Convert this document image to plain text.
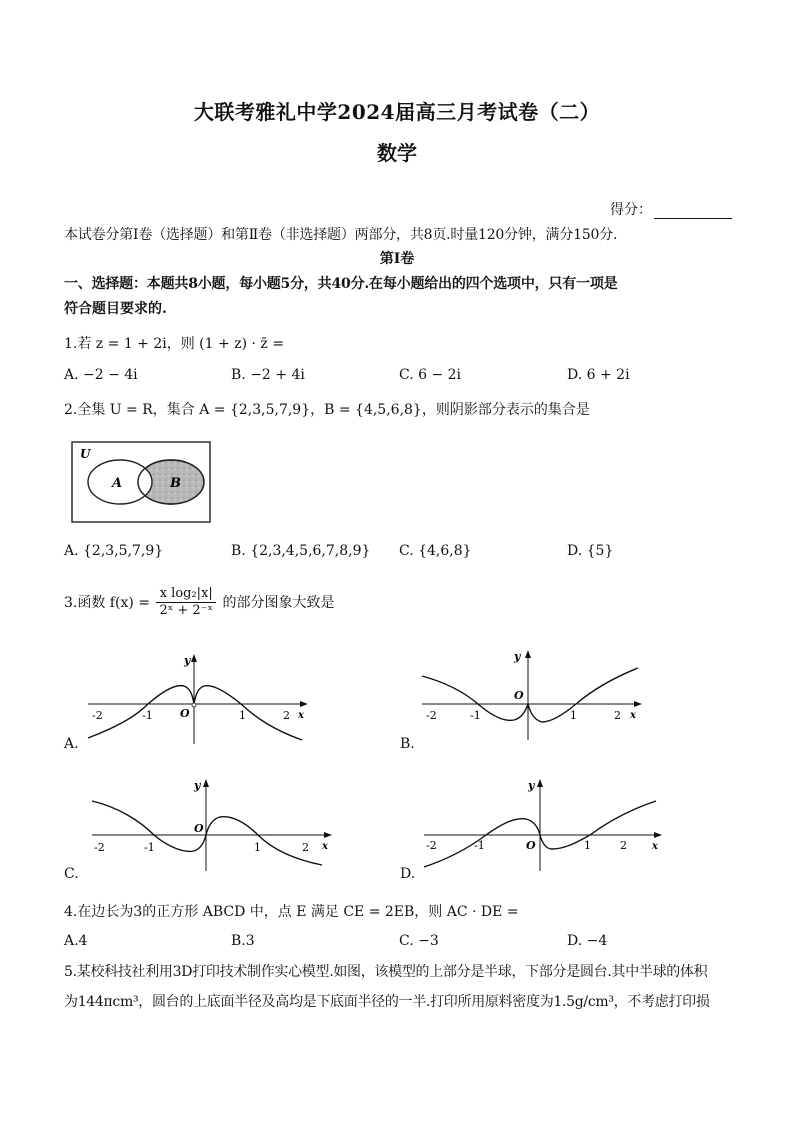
大联考雅礼中学2024届高三月考试卷（二）
数学
得分：
本试卷分第Ⅰ卷（选择题）和第Ⅱ卷（非选择题）两部分，共8页.时量120分钟，满分150分.
第Ⅰ卷
一、选择题：本题共8小题，每小题5分，共40分.在每小题给出的四个选项中，只有一项是
符合题目要求的.
1.若 z = 1 + 2i，则 (1 + z) · z̄ =
A. −2 − 4i	B. −2 + 4i	C. 6 − 2i	D. 6 + 2i
2.全集 U = R，集合 A = {2,3,5,7,9}，B = {4,5,6,8}，则阴影部分表示的集合是
U
A	B
A. {2,3,5,7,9}	B. {2,3,4,5,6,7,8,9} C. {4,6,8}	D. {5}
3.函数 $f(x) = \frac{\text{x log₂|x|}}{\text{2ˣ + 2⁻ˣ}}$ 的部分图象大致是
y
x
O
-2	-1	1	2
A.
y
x
O
-2	-1	1	2
B.
y
x
O
-2	-1	1	2
C.
y
x
O
-2	-1	1	2
D.
4.在边长为3的正方形 ABCD 中，点 E 满足 CE = 2EB，则 AC · DE =
A.4	B.3	C. −3	D. −4
5.某校科技社利用3D打印技术制作实心模型.如图，该模型的上部分是半球，下部分是圆台.其中半球的体积
为144πcm³，圆台的上底面半径及高均是下底面半径的一半.打印所用原料密度为1.5g/cm³，不考虑打印损
